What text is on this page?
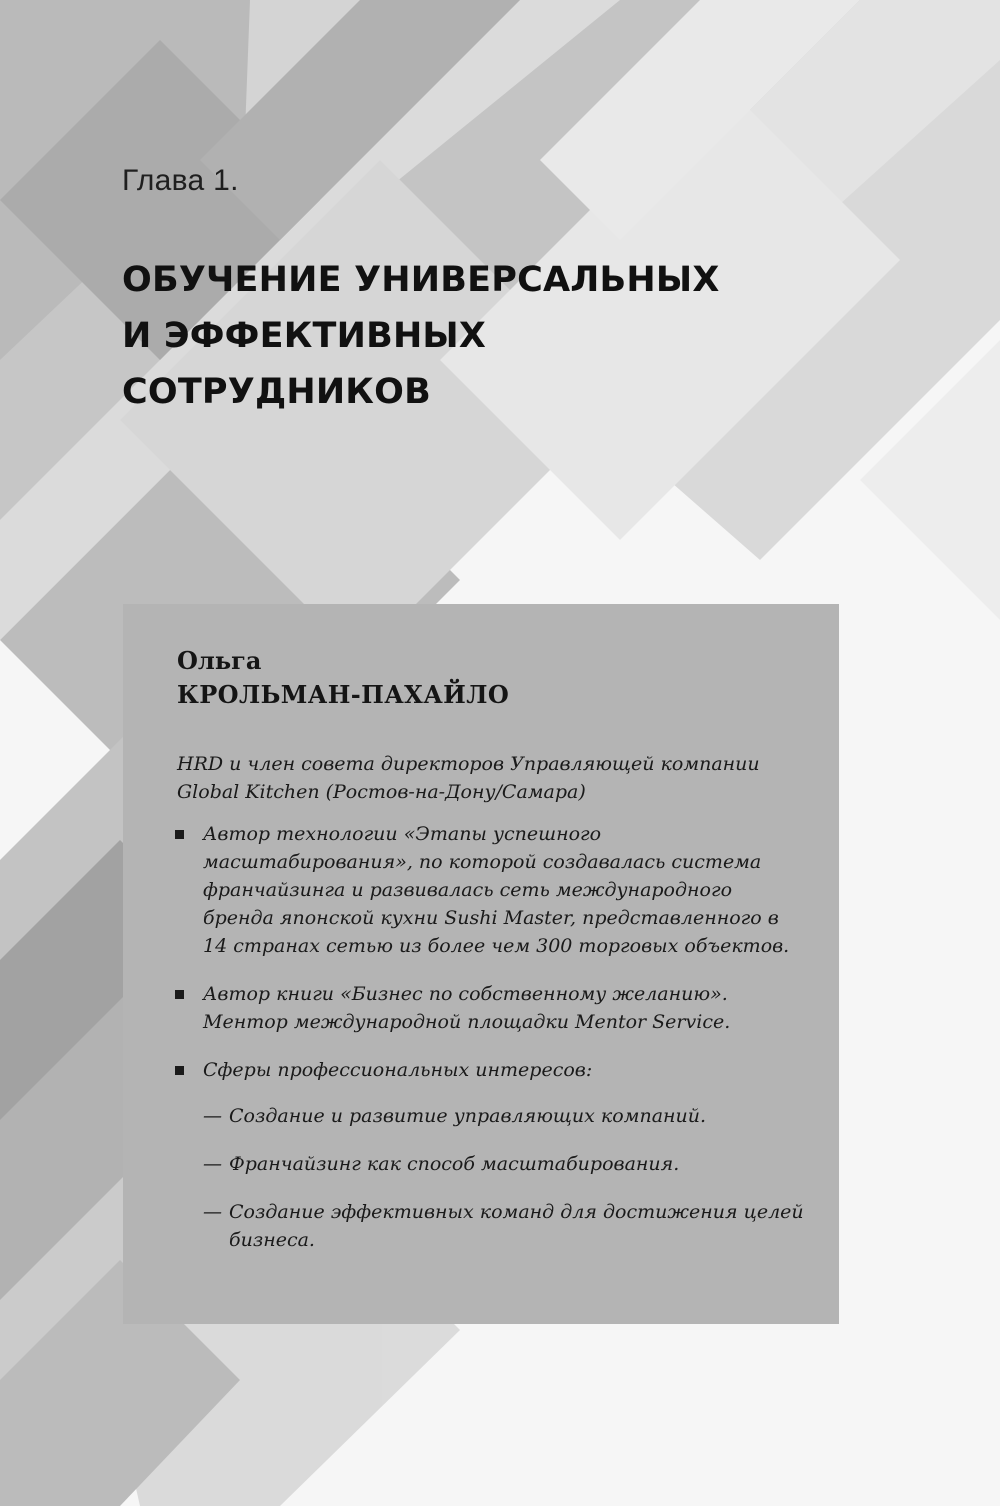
Глава 1.
ОБУЧЕНИЕ УНИВЕРСАЛЬНЫХ
И ЭФФЕКТИВНЫХ
СОТРУДНИКОВ
Ольга
КРОЛЬМАН-ПАХАЙЛО
HRD и член совета директоров Управляющей компании Global Kitchen (Ростов-на-Дону/Самара)
Автор технологии «Этапы успешного масштабирования», по которой создавалась система франчайзинга и развивалась сеть международного бренда японской кухни Sushi Master, представленного в 14 странах сетью из более чем 300 торговых объектов.
Автор книги «Бизнес по собственному желанию». Ментор международной площадки Mentor Service.
Сферы профессиональных интересов:
— Создание и развитие управляющих компаний.
— Франчайзинг как способ масштабирования.
— Создание эффективных команд для достижения целей бизнеса.
